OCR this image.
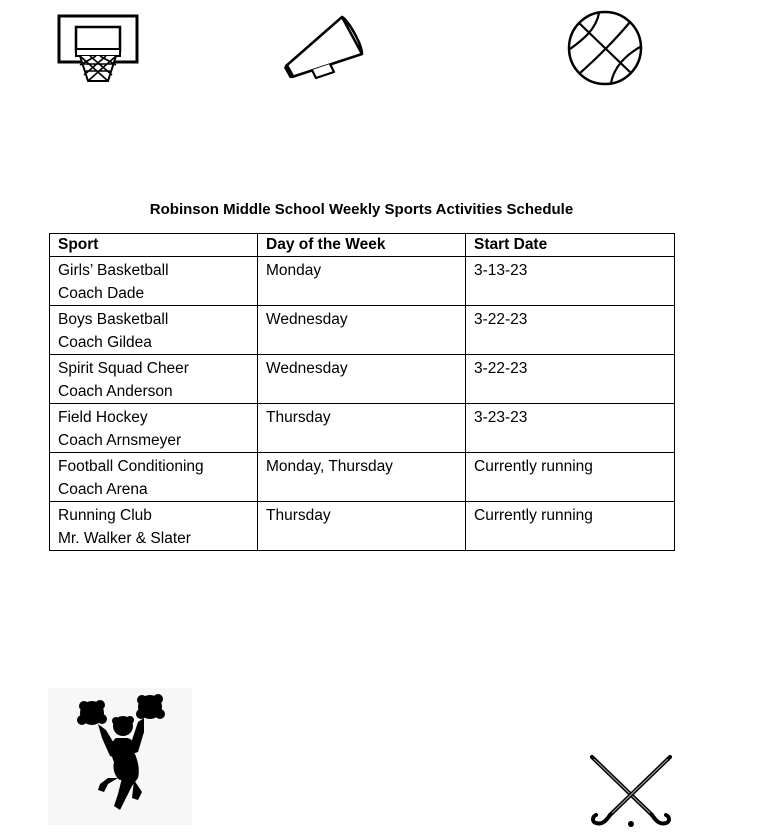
Robinson Middle School Weekly Sports Activities Schedule
Sport	Day of the Week	Start Date

Girls’ Basketball
Coach Dade	Monday	3-13-23

Boys Basketball
Coach Gildea	Wednesday	3-22-23

Spirit Squad Cheer
Coach Anderson	Wednesday	3-22-23

Field Hockey
Coach Arnsmeyer	Thursday	3-23-23

Football Conditioning
Coach Arena	Monday, Thursday	Currently running

Running Club
Mr. Walker & Slater	Thursday	Currently running
